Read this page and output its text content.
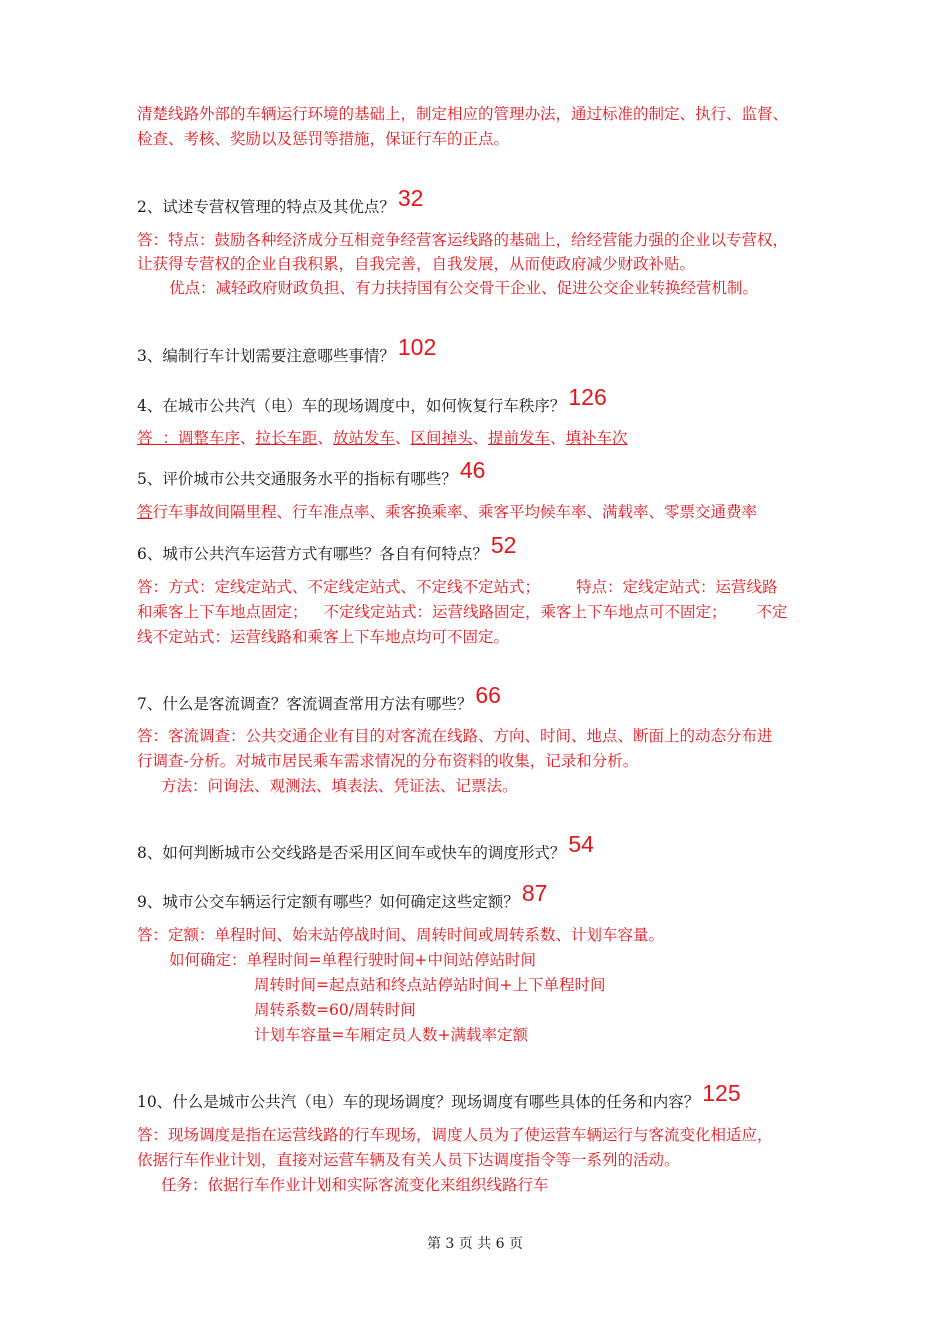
清楚线路外部的车辆运行环境的基础上，制定相应的管理办法，通过标准的制定、执行、监督、
检查、考核、奖励以及惩罚等措施，保证行车的正点。
2、试述专营权管理的特点及其优点？ 32
答：特点：鼓励各种经济成分互相竞争经营客运线路的基础上，给经营能力强的企业以专营权，
让获得专营权的企业自我积累，自我完善，自我发展，从而使政府减少财政补贴。
优点：减轻政府财政负担、有力扶持国有公交骨干企业、促进公交企业转换经营机制。
3、编制行车计划需要注意哪些事情？ 102
4、在城市公共汽（电）车的现场调度中，如何恢复行车秩序？ 126
答  ：调整车序、拉长车距、放站发车、区间掉头、提前发车、填补车次
5、评价城市公共交通服务水平的指标有哪些？ 46
答行车事故间隔里程、行车准点率、乘客换乘率、乘客平均候车率、满载率、零票交通费率
6、城市公共汽车运营方式有哪些？各自有何特点？ 52
答：方式：定线定站式、不定线定站式、不定线不定站式； 特点：定线定站式：运营线路
和乘客上下车地点固定； 不定线定站式：运营线路固定，乘客上下车地点可不固定； 不定
线不定站式：运营线路和乘客上下车地点均可不固定。
7、什么是客流调查？客流调查常用方法有哪些？ 66
答：客流调查：公共交通企业有目的对客流在线路、方向、时间、地点、断面上的动态分布进
行调查-分析。对城市居民乘车需求情况的分布资料的收集，记录和分析。
方法：问询法、观测法、填表法、凭证法、记票法。
8、如何判断城市公交线路是否采用区间车或快车的调度形式？ 54
9、城市公交车辆运行定额有哪些？如何确定这些定额？ 87
答：定额：单程时间、始末站停战时间、周转时间或周转系数、计划车容量。
如何确定：单程时间=单程行驶时间+中间站停站时间
周转时间=起点站和终点站停站时间+上下单程时间
周转系数=60/周转时间
计划车容量=车厢定员人数+满载率定额
10、什么是城市公共汽（电）车的现场调度？现场调度有哪些具体的任务和内容？ 125
答：现场调度是指在运营线路的行车现场，调度人员为了使运营车辆运行与客流变化相适应，
依据行车作业计划，直接对运营车辆及有关人员下达调度指令等一系列的活动。
任务：依据行车作业计划和实际客流变化来组织线路行车
第 3 页 共 6 页
